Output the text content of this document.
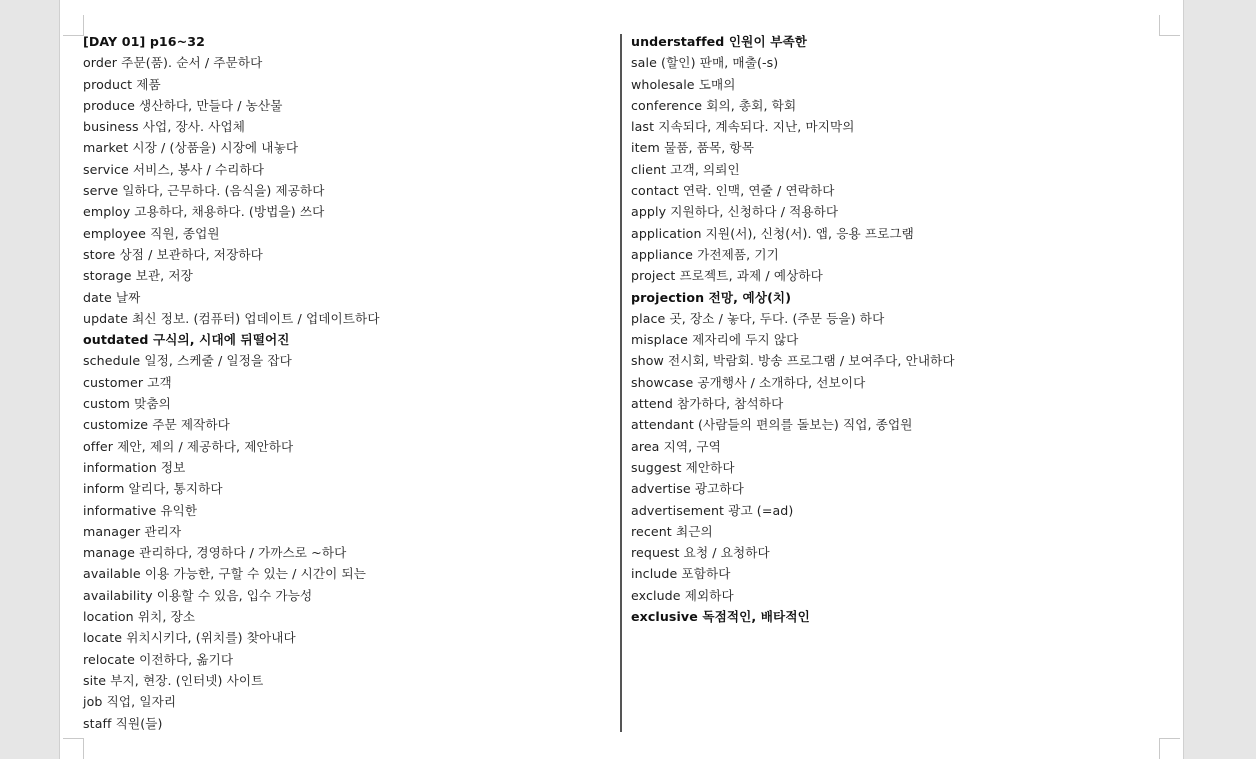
[DAY 01] p16~32
order 주문(품). 순서 / 주문하다
product 제품
produce 생산하다, 만들다 / 농산물
business 사업, 장사. 사업체
market 시장 / (상품을) 시장에 내놓다
service 서비스, 봉사 / 수리하다
serve 일하다, 근무하다. (음식을) 제공하다
employ 고용하다, 채용하다. (방법을) 쓰다
employee 직원, 종업원
store 상점 / 보관하다, 저장하다
storage 보관, 저장
date 날짜
update 최신 정보. (컴퓨터) 업데이트 / 업데이트하다
outdated 구식의, 시대에 뒤떨어진
schedule 일정, 스케줄 / 일정을 잡다
customer 고객
custom 맞춤의
customize 주문 제작하다
offer 제안, 제의 / 제공하다, 제안하다
information 정보
inform 알리다, 통지하다
informative 유익한
manager 관리자
manage 관리하다, 경영하다 / 가까스로 ~하다
available 이용 가능한, 구할 수 있는 / 시간이 되는
availability 이용할 수 있음, 입수 가능성
location 위치, 장소
locate 위치시키다, (위치를) 찾아내다
relocate 이전하다, 옮기다
site 부지, 현장. (인터넷) 사이트
job 직업, 일자리
staff 직원(들)
understaffed 인원이 부족한
sale (할인) 판매, 매출(-s)
wholesale 도매의
conference 회의, 총회, 학회
last 지속되다, 계속되다. 지난, 마지막의
item 물품, 품목, 항목
client 고객, 의뢰인
contact 연락. 인맥, 연줄 / 연락하다
apply 지원하다, 신청하다 / 적용하다
application 지원(서), 신청(서). 앱, 응용 프로그램
appliance 가전제품, 기기
project 프로젝트, 과제 / 예상하다
projection 전망, 예상(치)
place 곳, 장소 / 놓다, 두다. (주문 등을) 하다
misplace 제자리에 두지 않다
show 전시회, 박람회. 방송 프로그램 / 보여주다, 안내하다
showcase 공개행사 / 소개하다, 선보이다
attend 참가하다, 참석하다
attendant (사람들의 편의를 돌보는) 직업, 종업원
area 지역, 구역
suggest 제안하다
advertise 광고하다
advertisement 광고 (=ad)
recent 최근의
request 요청 / 요청하다
include 포함하다
exclude 제외하다
exclusive 독점적인, 배타적인
